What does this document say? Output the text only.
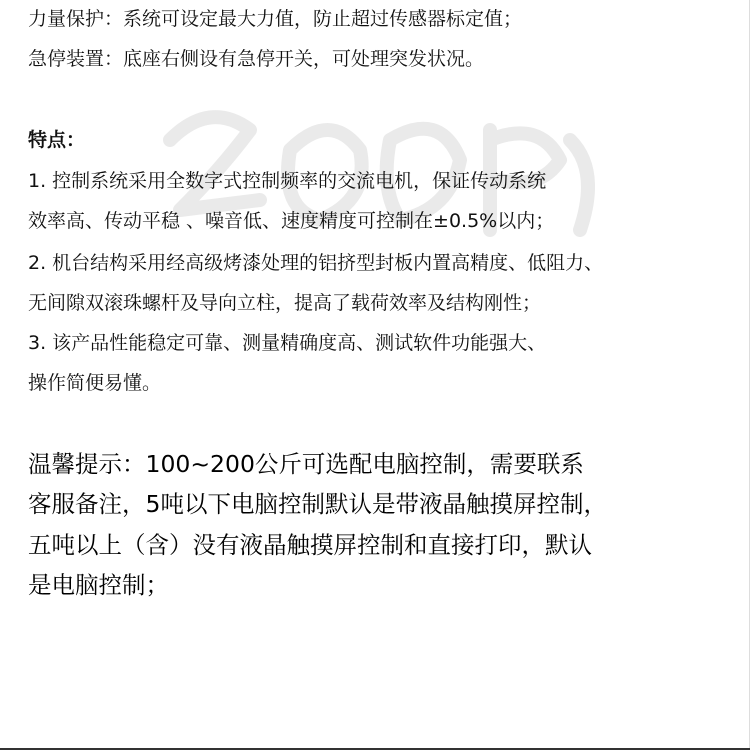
力量保护：系统可设定最大力值，防止超过传感器标定值；
急停装置：底座右侧设有急停开关，可处理突发状况。
特点：
1. 控制系统采用全数字式控制频率的交流电机，保证传动系统
效率高、传动平稳 、噪音低、速度精度可控制在±0.5%以内；
2. 机台结构采用经高级烤漆处理的铝挤型封板内置高精度、低阻力、
无间隙双滚珠螺杆及导向立柱，提高了载荷效率及结构刚性；
3. 该产品性能稳定可靠、测量精确度高、测试软件功能强大、
操作简便易懂。
温馨提示：100~200公斤可选配电脑控制，需要联系
客服备注，5吨以下电脑控制默认是带液晶触摸屏控制，
五吨以上（含）没有液晶触摸屏控制和直接打印，默认
是电脑控制；
